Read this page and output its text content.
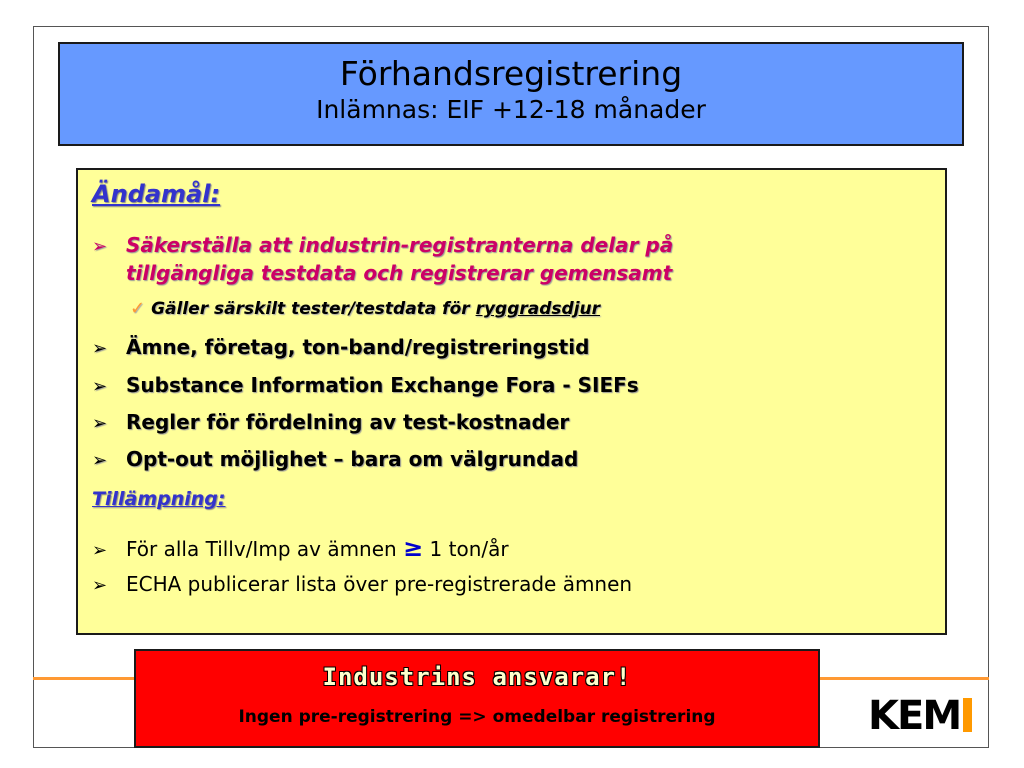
Förhandsregistrering
Inlämnas: EIF +12-18 månader
Ändamål:
➢ Säkerställa att industrin-registranterna delar på
tillgängliga testdata och registrerar gemensamt
✓ Gäller särskilt tester/testdata för ryggradsdjur
➢ Ämne, företag, ton-band/registreringstid
➢ Substance Information Exchange Fora - SIEFs
➢ Regler för fördelning av test-kostnader
➢ Opt-out möjlighet – bara om välgrundad
Tillämpning:
➢ För alla Tillv/Imp av ämnen ≥ 1 ton/år
➢ ECHA publicerar lista över pre-registrerade ämnen
Industrins ansvarar!
Ingen pre-registrering => omedelbar registrering	KEM
